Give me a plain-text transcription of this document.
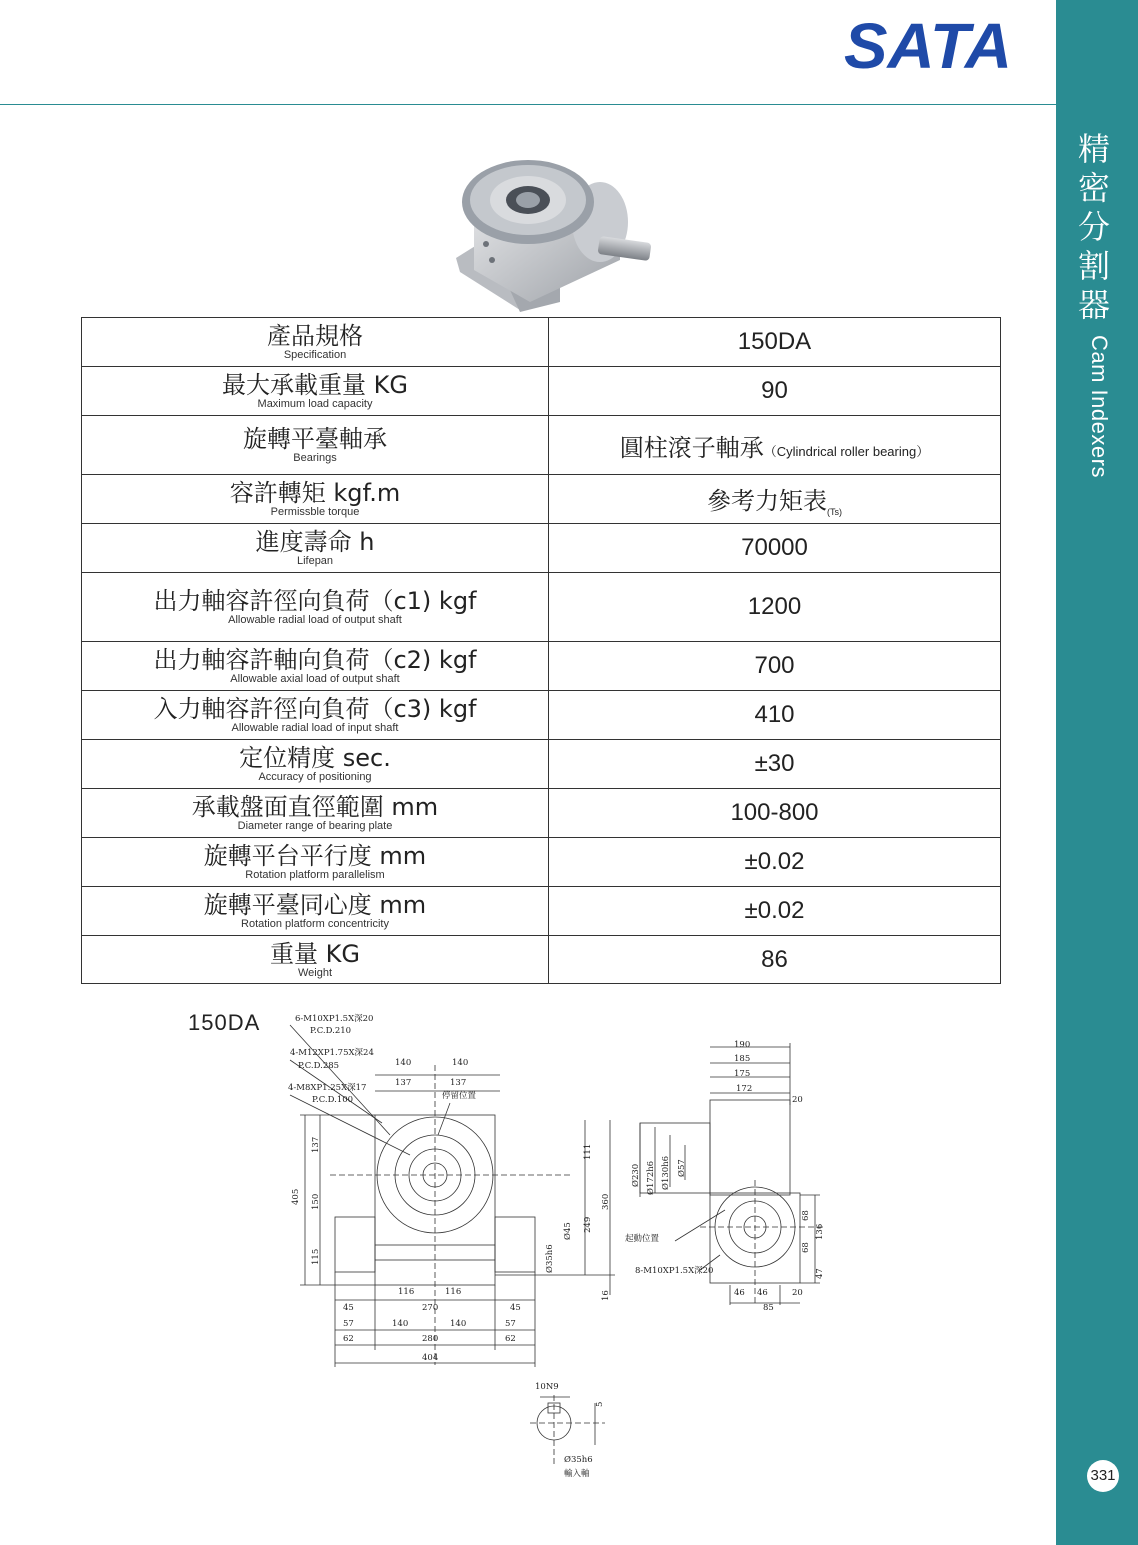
SATA
精
密
分
割
器
Cam Indexers
331
產品規格
Specification	150DA

最大承載重量 KG
Maximum load capacity	90

旋轉平臺軸承
Bearings	圓柱滾子軸承（Cylindrical roller bearing）

容許轉矩 kgf.m
Permissble torque	參考力矩表$_{(Ts)}$

進度壽命 h
Lifepan	70000

出力軸容許徑向負荷（c1) kgf
Allowable radial load of output shaft	1200

出力軸容許軸向負荷（c2) kgf
Allowable axial load of output shaft	700

入力軸容許徑向負荷（c3) kgf
Allowable radial load of input shaft	410

定位精度 sec.
Accuracy of positioning	±30

承載盤面直徑範圍 mm
Diameter range of bearing plate	100-800

旋轉平台平行度 mm
Rotation platform parallelism	±0.02

旋轉平臺同心度 mm
Rotation platform concentricity	±0.02

重量 KG
Weight	86
150DA	6-M10XP1.5X深20
P.C.D.210
4-M12XP1.75X深24
P.C.D.285
4-M8XP1.25X深17
P.C.D.100	停留位置
起動位置
8-M10XP1.5X深20
10N9
Ø35h6
輸入軸
140	140
137	137
405
137
150
115
111
360
249
Ø45
Ø35h6
16
116	116
45	270	45
57	140	140	57
62	280	62
404
190
185
175
172
20
Ø230 Ø172h6 Ø130h6 Ø57
68
136
68
47
46 46	20
85
5
